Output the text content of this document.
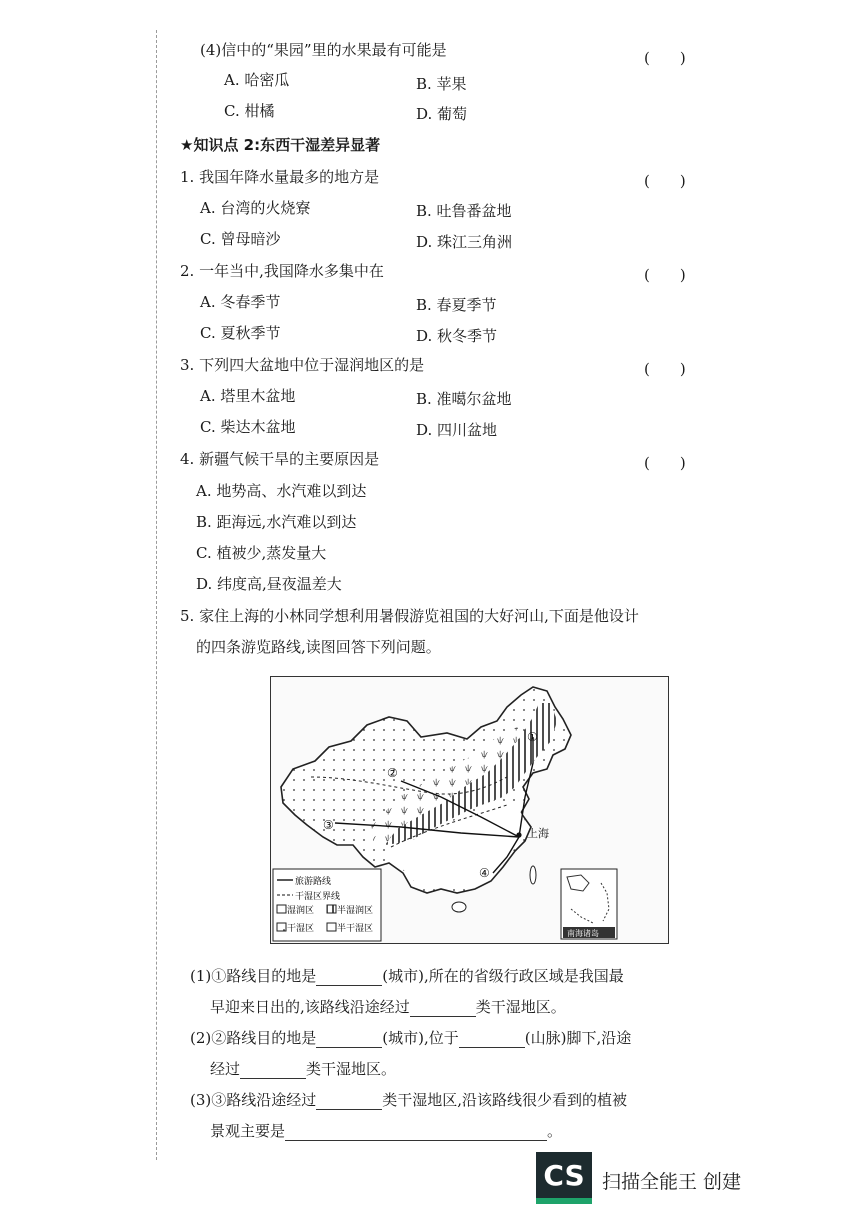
(4)信中的“果园”里的水果最有可能是	(　　)
A. 哈密瓜	B. 苹果
C. 柑橘	D. 葡萄
★知识点 2:东西干湿差异显著
1. 我国年降水量最多的地方是	(　　)
A. 台湾的火烧寮	B. 吐鲁番盆地
C. 曾母暗沙	D. 珠江三角洲
2. 一年当中,我国降水多集中在	(　　)
A. 冬春季节	B. 春夏季节
C. 夏秋季节	D. 秋冬季节
3. 下列四大盆地中位于湿润地区的是	(　　)
A. 塔里木盆地	B. 准噶尔盆地
C. 柴达木盆地	D. 四川盆地
4. 新疆气候干旱的主要原因是	(　　)
A. 地势高、水汽难以到达
B. 距海远,水汽难以到达
C. 植被少,蒸发量大
D. 纬度高,昼夜温差大
5. 家住上海的小林同学想利用暑假游览祖国的大好河山,下面是他设计
的四条游览路线,读图回答下列问题。
上海
①
②
③
④
旅游路线
干湿区界线
湿润区	半湿润区
干湿区	半干湿区	南海诸岛
(1)①路线目的地是	(城市),所在的省级行政区域是我国最
早迎来日出的,该路线沿途经过	类干湿地区。
(2)②路线目的地是	(城市),位于	(山脉)脚下,沿途
经过	类干湿地区。
(3)③路线沿途经过	类干湿地区,沿该路线很少看到的植被
景观主要是	。
CS 扫描全能王 创建
